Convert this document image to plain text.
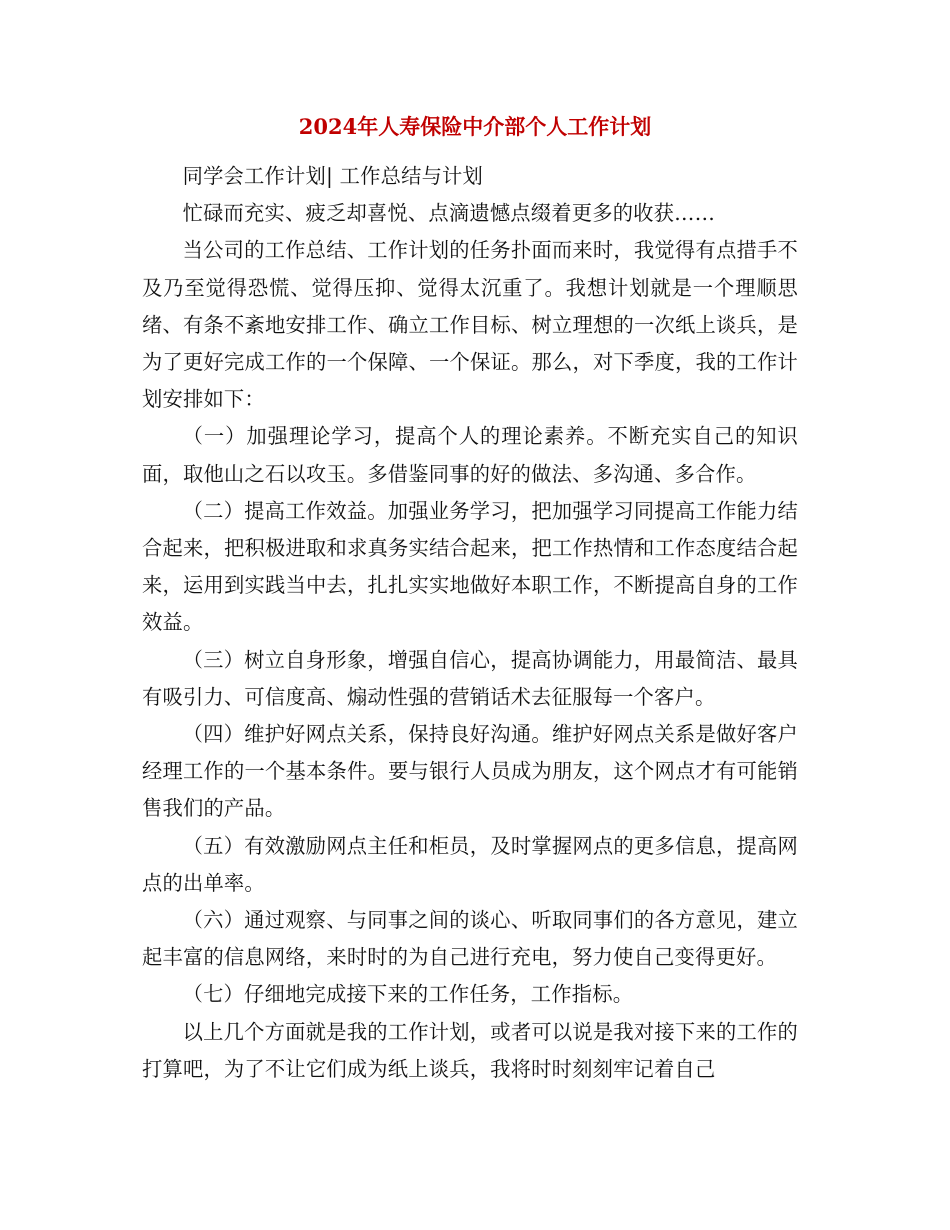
2024年人寿保险中介部个人工作计划

同学会工作计划| 工作总结与计划

忙碌而充实、疲乏却喜悦、点滴遗憾点缀着更多的收获……

当公司的工作总结、工作计划的任务扑面而来时，我觉得有点措手不及乃至觉得恐慌、觉得压抑、觉得太沉重了。我想计划就是一个理顺思绪、有条不紊地安排工作、确立工作目标、树立理想的一次纸上谈兵，是为了更好完成工作的一个保障、一个保证。那么，对下季度，我的工作计划安排如下：

（一）加强理论学习，提高个人的理论素养。不断充实自己的知识面，取他山之石以攻玉。多借鉴同事的好的做法、多沟通、多合作。

（二）提高工作效益。加强业务学习，把加强学习同提高工作能力结合起来，把积极进取和求真务实结合起来，把工作热情和工作态度结合起来，运用到实践当中去，扎扎实实地做好本职工作，不断提高自身的工作效益。

（三）树立自身形象，增强自信心，提高协调能力，用最简洁、最具有吸引力、可信度高、煽动性强的营销话术去征服每一个客户。

（四）维护好网点关系，保持良好沟通。维护好网点关系是做好客户经理工作的一个基本条件。要与银行人员成为朋友，这个网点才有可能销售我们的产品。

（五）有效激励网点主任和柜员，及时掌握网点的更多信息，提高网点的出单率。

（六）通过观察、与同事之间的谈心、听取同事们的各方意见，建立起丰富的信息网络，来时时的为自己进行充电，努力使自己变得更好。

（七）仔细地完成接下来的工作任务，工作指标。

以上几个方面就是我的工作计划，或者可以说是我对接下来的工作的打算吧，为了不让它们成为纸上谈兵，我将时时刻刻牢记着自己
